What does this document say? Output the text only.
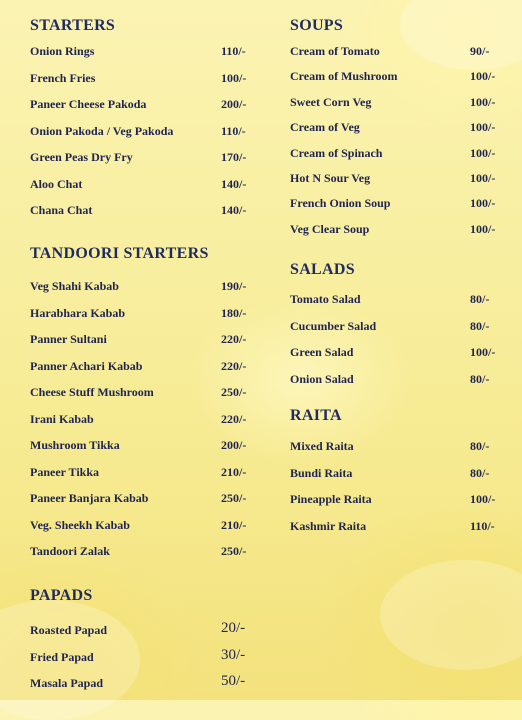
STARTERS
Onion Rings	110/-
French Fries	100/-
Paneer Cheese Pakoda	200/-
Onion Pakoda / Veg Pakoda	110/-
Green Peas Dry Fry	170/-
Aloo Chat	140/-
Chana Chat	140/-
TANDOORI STARTERS
Veg Shahi Kabab	190/-
Harabhara Kabab	180/-
Panner Sultani	220/-
Panner Achari Kabab	220/-
Cheese Stuff Mushroom	250/-
Irani Kabab	220/-
Mushroom Tikka	200/-
Paneer Tikka	210/-
Paneer Banjara Kabab	250/-
Veg. Sheekh Kabab	210/-
Tandoori Zalak	250/-
PAPADS
Roasted Papad	20/-
Fried Papad	30/-
Masala Papad	50/-
SOUPS
Cream of Tomato	90/-
Cream of Mushroom	100/-
Sweet Corn Veg	100/-
Cream of Veg	100/-
Cream of Spinach	100/-
Hot N Sour Veg	100/-
French Onion Soup	100/-
Veg Clear Soup	100/-
SALADS
Tomato Salad	80/-
Cucumber Salad	80/-
Green Salad	100/-
Onion Salad	80/-
RAITA
Mixed Raita	80/-
Bundi Raita	80/-
Pineapple Raita	100/-
Kashmir Raita	110/-
